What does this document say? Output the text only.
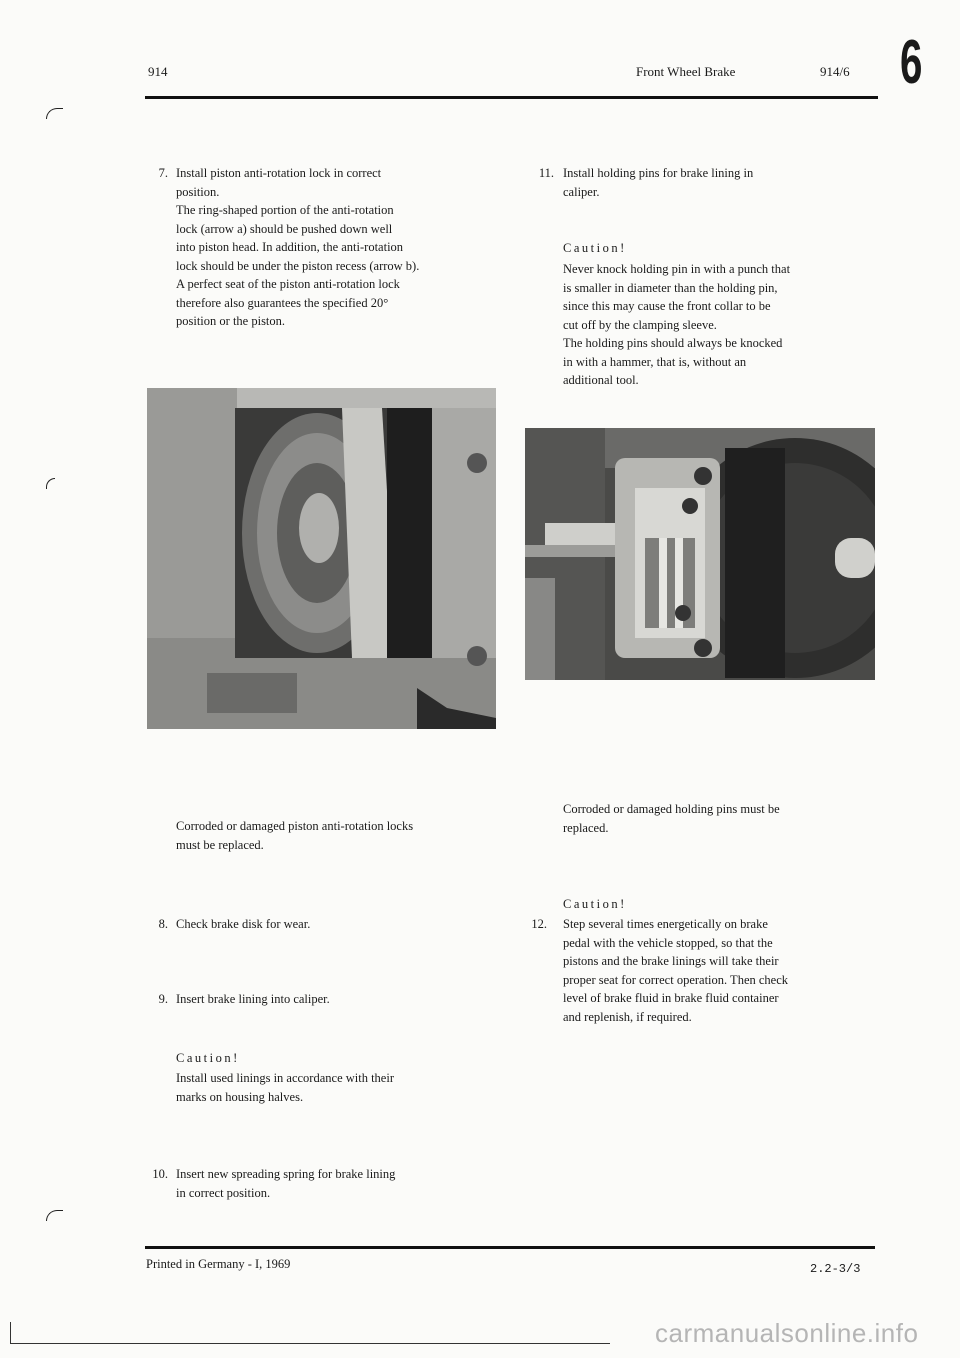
914	Front Wheel Brake	914/6 6
7. Install piston anti-rotation lock in correct
position.
The ring-shaped portion of the anti-rotation
lock (arrow a) should be pushed down well
into piston head. In addition, the anti-rotation
lock should be under the piston recess (arrow b).
A perfect seat of the piston anti-rotation lock
therefore also guarantees the specified 20°
position or the piston.
Corroded or damaged piston anti-rotation locks
must be replaced.
8. Check brake disk for wear.
9. Insert brake lining into caliper.
Caution!
Install used linings in accordance with their
marks on housing halves.
10. Insert new spreading spring for brake lining
in correct position.
11. Install holding pins for brake lining in
caliper.
Caution!
Never knock holding pin in with a punch that
is smaller in diameter than the holding pin,
since this may cause the front collar to be
cut off by the clamping sleeve.
The holding pins should always be knocked
in with a hammer, that is, without an
additional tool.
Corroded or damaged holding pins must be
replaced.
Caution!
12. Step several times energetically on brake
pedal with the vehicle stopped, so that the
pistons and the brake linings will take their
proper seat for correct operation. Then check
level of brake fluid in brake fluid container
and replenish, if required.
Printed in Germany - I, 1969	2.2-3/3
carmanualsonline.info
